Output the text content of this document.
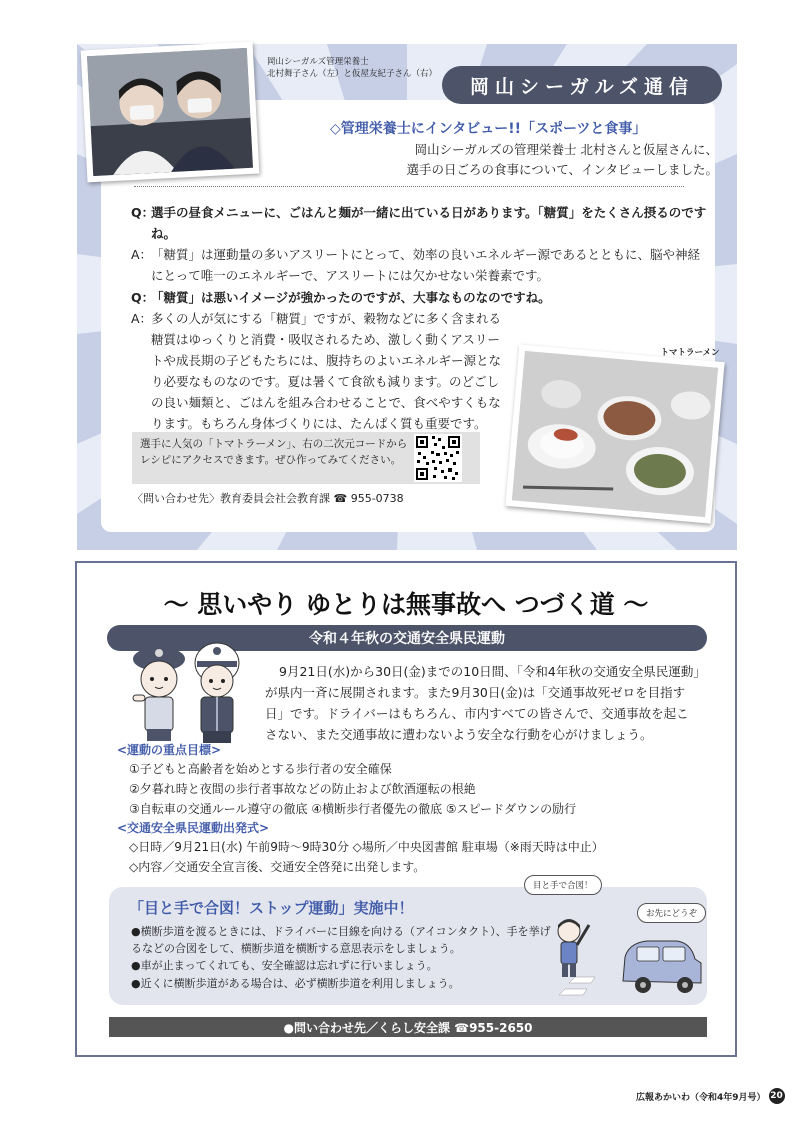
岡山シーガルズ管理栄養士
北村舞子さん（左）と仮屋友紀子さん（右）
岡山シーガルズ通信
◇管理栄養士にインタビュー!!「スポーツと食事」
岡山シーガルズの管理栄養士 北村さんと仮屋さんに、
選手の日ごろの食事について、インタビューしました。
Q：
選手の昼食メニューに、ごはんと麺が一緒に出ている日があります。「糖質」をたくさん摂るのですね。
A：
「糖質」は運動量の多いアスリートにとって、効率の良いエネルギー源であるとともに、脳や神経にとって唯一のエネルギーで、アスリートには欠かせない栄養素です。
Q：
「糖質」は悪いイメージが強かったのですが、大事なものなのですね。
A：
多くの人が気にする「糖質」ですが、穀物などに多く含まれる糖質はゆっくりと消費・吸収されるため、激しく動くアスリートや成長期の子どもたちには、腹持ちのよいエネルギー源となり必要なものなのです。夏は暑くて食欲も減ります。のどごしの良い麺類と、ごはんを組み合わせることで、食べやすくもなります。もちろん身体づくりには、たんぱく質も重要です。
トマトラーメン
選手に人気の「トマトラーメン」、右の二次元コードからレシピにアクセスできます。ぜひ作ってみてください。
〈問い合わせ先〉教育委員会社会教育課 ☎ 955-0738
〜 思いやり ゆとりは無事故へ つづく道 〜
令和４年秋の交通安全県民運動
9月21日(水)から30日(金)までの10日間、「令和4年秋の交通安全県民運動」が県内一斉に展開されます。また9月30日(金)は「交通事故死ゼロを目指す日」です。ドライバーはもちろん、市内すべての皆さんで、交通事故を起こさない、また交通事故に遭わないよう安全な行動を心がけましょう。
<運動の重点目標>
①子どもと高齢者を始めとする歩行者の安全確保
②夕暮れ時と夜間の歩行者事故などの防止および飲酒運転の根絶
③自転車の交通ルール遵守の徹底 ④横断歩行者優先の徹底 ⑤スピードダウンの励行
<交通安全県民運動出発式>
◇日時／9月21日(水) 午前9時〜9時30分 ◇場所／中央図書館 駐車場（※雨天時は中止）
◇内容／交通安全宣言後、交通安全啓発に出発します。
「目と手で合図！ストップ運動」実施中！
●横断歩道を渡るときには、ドライバーに目線を向ける（アイコンタクト）、手を挙げるなどの合図をして、横断歩道を横断する意思表示をしましょう。
●車が止まってくれても、安全確認は忘れずに行いましょう。
●近くに横断歩道がある場合は、必ず横断歩道を利用しましょう。
目と手で合図！
お先にどうぞ
●問い合わせ先／くらし安全課 ☎955-2650
広報あかいわ（令和4年9月号） 20
